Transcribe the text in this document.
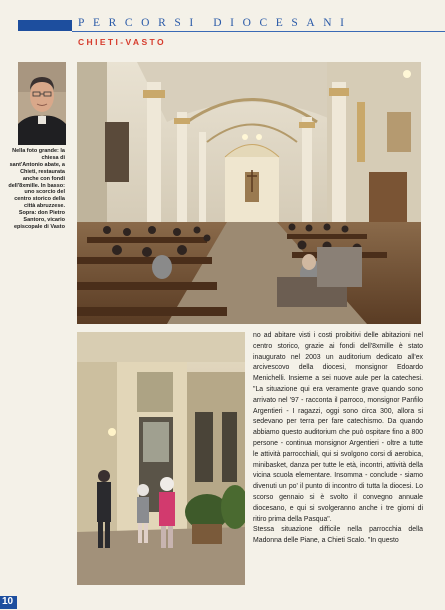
PERCORSI DIOCESANI
CHIETI-VASTO
Nella foto grande: la chiesa di sant'Antonio abate, a Chieti, restaurata anche con fondi dell'8xmille. In basso: uno scorcio del centro storico della città abruzzese. Sopra: don Pietro Santoro, vicario episcopale di Vasto

no ad abitare visti i costi proibitivi delle abitazioni nel centro storico, grazie ai fondi dell'8xmille è stato inaugurato nel 2003 un auditorium dedicato all'ex arcivescovo della diocesi, monsignor Edoardo Menichelli. Insieme a sei nuove aule per la catechesi. "La situazione qui era veramente grave quando sono arrivato nel '97 - racconta il parroco, monsignor Panfilo Argentieri - I ragazzi, oggi sono circa 300, allora si sedevano per terra per fare catechismo. Da quando abbiamo questo auditorium che può ospitare fino a 800 persone - continua monsignor Argentieri - oltre a tutte le attività parrocchiali, qui si svolgono corsi di aerobica, minibasket, danza per tutte le età, incontri, attività della vicina scuola elementare. Insomma - conclude - siamo divenuti un po' il punto di incontro di tutta la diocesi. Lo scorso gennaio si è svolto il convegno annuale diocesano, e qui si svolgeranno anche i tre giorni di ritiro prima della Pasqua".

Stessa situazione difficile nella parrocchia della Madonna delle Piane, a Chieti Scalo. "In questo

10
